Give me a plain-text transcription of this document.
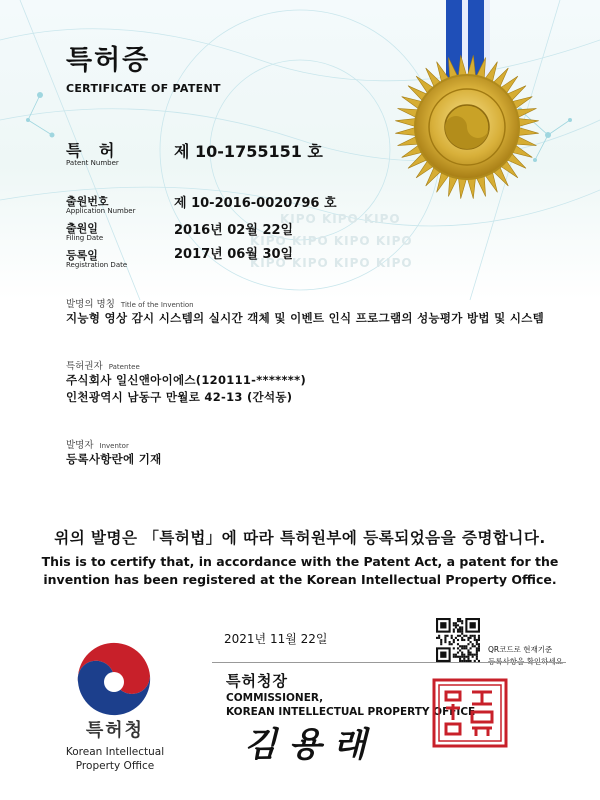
특허증
CERTIFICATE OF PATENT
특 허
Patent Number
제 10-1755151 호
출원번호
Application Number	제 10-2016-0020796 호
출원일
Filing Date	2016년 02월 22일
KIPO KIPO KIPO
KIPO KIPO KIPO KIPO
KIPO KIPO KIPO KIPO
등록일
Registration Date
2017년 06월 30일
발명의 명칭 Title of the Invention
지능형 영상 감시 시스템의 실시간 객체 및 이벤트 인식 프로그램의 성능평가 방법 및 시스템
특허권자 Patentee
주식회사 일신앤아이에스(120111-*******)
인천광역시 남동구 만월로 42-13 (간석동)
발명자 Inventor
등록사항란에 기재
위의 발명은 「특허법」에 따라 특허원부에 등록되었음을 증명합니다.
This is to certify that, in accordance with the Patent Act, a patent for the
invention has been registered at the Korean Intellectual Property Office.
특허청
Korean Intellectual
Property Office
2021년 11월 22일
QR코드로 현재기준
특허청장
COMMISSIONER,
KOREAN INTELLECTUAL PROPERTY OFFICE
김 용 래
